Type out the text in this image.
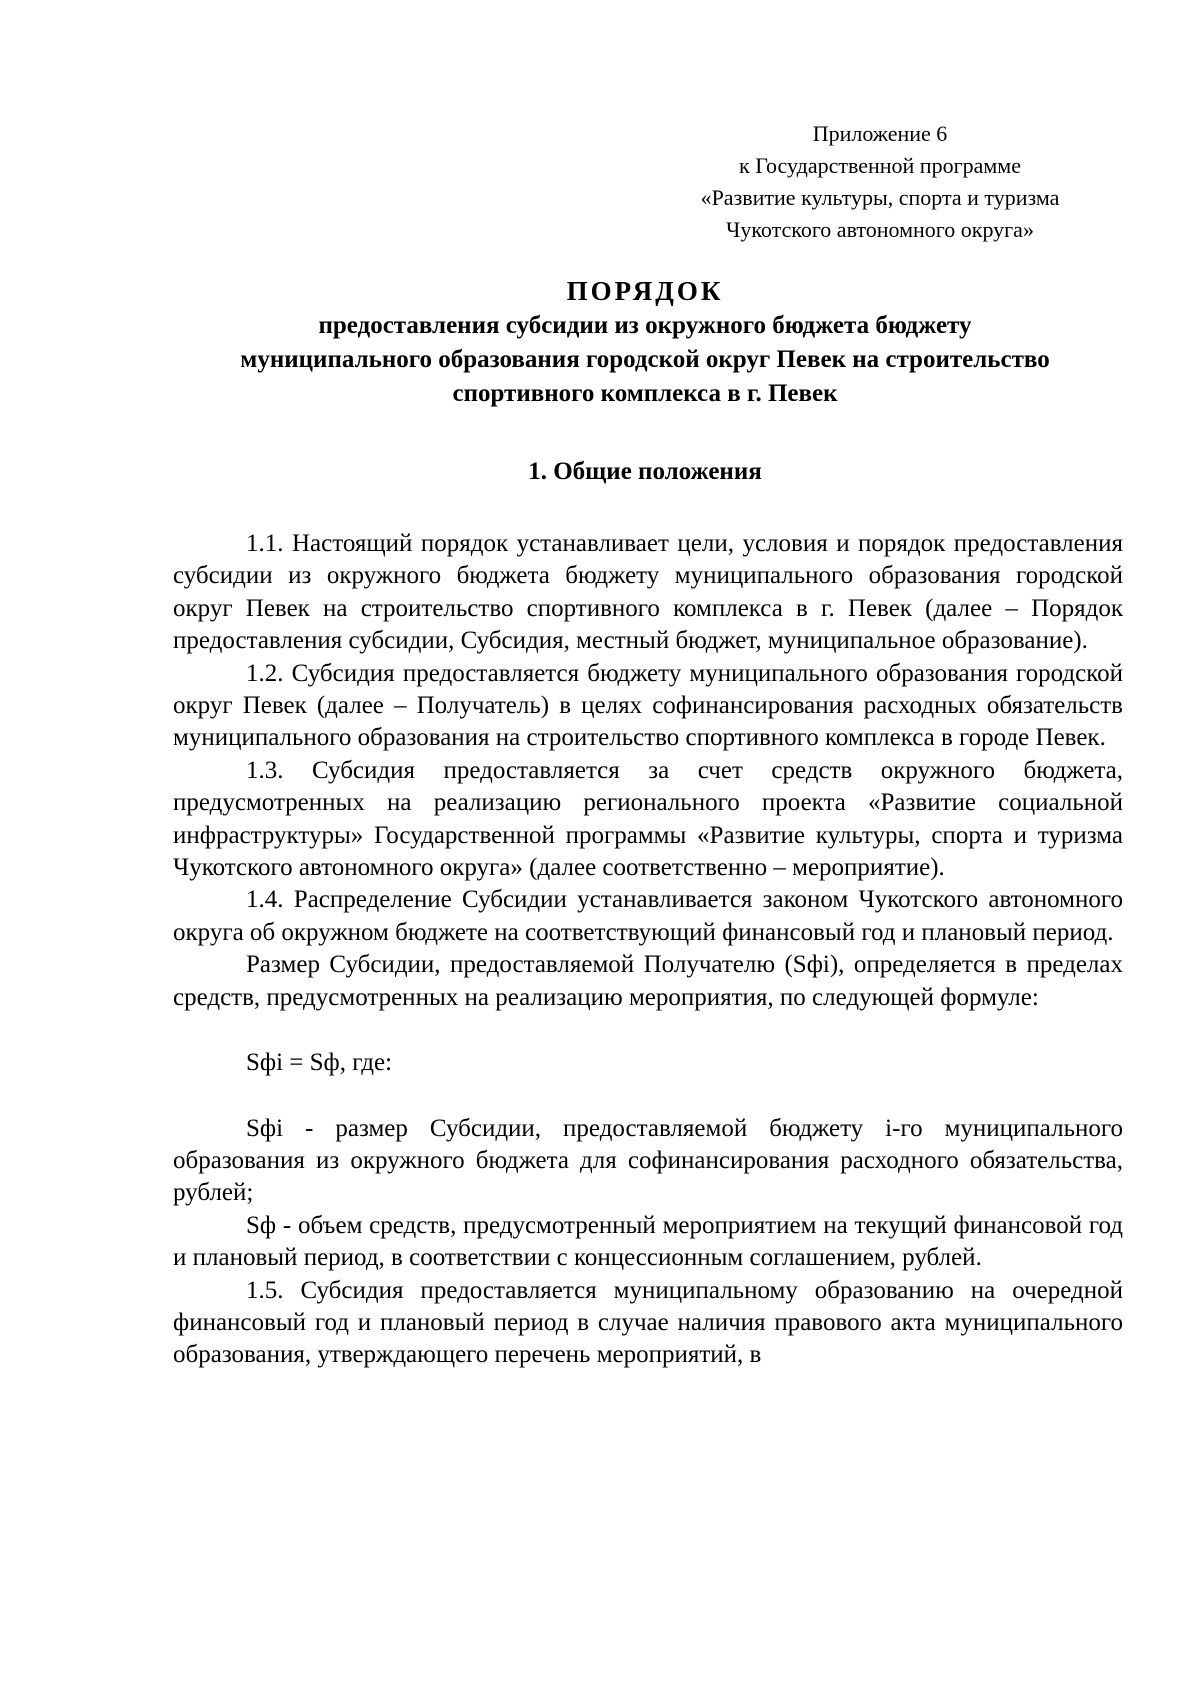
Приложение 6
к Государственной программе
«Развитие культуры, спорта и туризма
Чукотского автономного округа»
ПОРЯДОК
предоставления субсидии из окружного бюджета бюджету
муниципального образования городской округ Певек на строительство
спортивного комплекса в г. Певек
1. Общие положения

1.1. Настоящий порядок устанавливает цели, условия и порядок предоставления субсидии из окружного бюджета бюджету муниципального образования городской округ Певек на строительство спортивного комплекса в г. Певек (далее – Порядок предоставления субсидии, Субсидия, местный бюджет, муниципальное образование).

1.2. Субсидия предоставляется бюджету муниципального образования городской округ Певек (далее – Получатель) в целях софинансирования расходных обязательств муниципального образования на строительство спортивного комплекса в городе Певек.

1.3. Субсидия предоставляется за счет средств окружного бюджета, предусмотренных на реализацию регионального проекта «Развитие социальной инфраструктуры» Государственной программы «Развитие культуры, спорта и туризма Чукотского автономного округа» (далее соответственно – мероприятие).

1.4. Распределение Субсидии устанавливается законом Чукотского автономного округа об окружном бюджете на соответствующий финансовый год и плановый период.

Размер Субсидии, предоставляемой Получателю (Sфi), определяется в пределах средств, предусмотренных на реализацию мероприятия, по следующей формуле:

Sфi = Sф, где:

Sфi - размер Субсидии, предоставляемой бюджету i-го муниципального образования из окружного бюджета для софинансирования расходного обязательства, рублей;

Sф - объем средств, предусмотренный мероприятием на текущий финансовой год и плановый период, в соответствии с концессионным соглашением, рублей.

1.5. Субсидия предоставляется муниципальному образованию на очередной финансовый год и плановый период в случае наличия правового акта муниципального образования, утверждающего перечень мероприятий, в
